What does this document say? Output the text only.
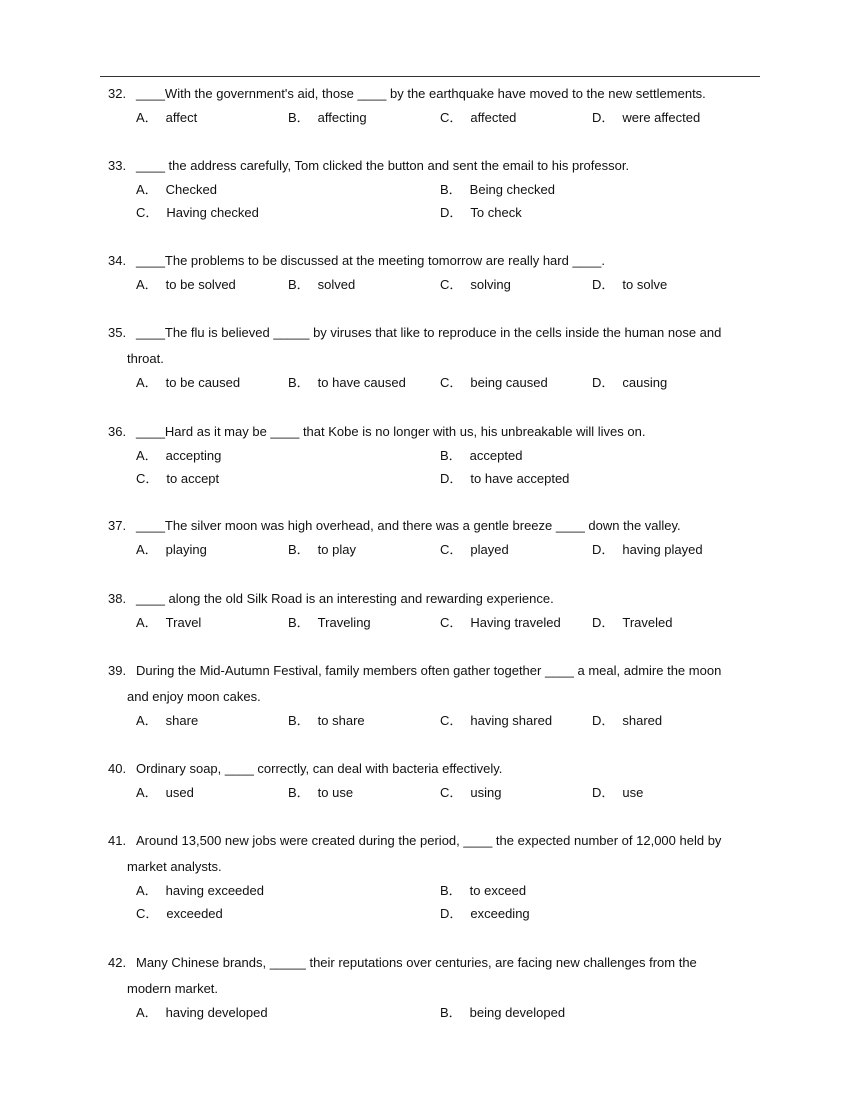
32. ____With the government's aid, those ____ by the earthquake have moved to the new settlements.
A． affect	B． affecting	C． affected	D． were affected
33. ____ the address carefully, Tom clicked the button and sent the email to his professor.
A． Checked	B． Being checked
C． Having checked	D． To check
34. ____The problems to be discussed at the meeting tomorrow are really hard ____.
A． to be solved	B． solved	C． solving	D． to solve
35. ____The flu is believed _____ by viruses that like to reproduce in the cells inside the human nose and
throat.
A． to be caused	B． to have caused	C． being caused	D． causing
36. ____Hard as it may be ____ that Kobe is no longer with us, his unbreakable will lives on.
A． accepting	B． accepted
C． to accept	D． to have accepted
37. ____The silver moon was high overhead, and there was a gentle breeze ____ down the valley.
A． playing	B． to play	C． played	D． having played
38. ____ along the old Silk Road is an interesting and rewarding experience.
A． Travel	B． Traveling	C． Having traveled D． Traveled
39. During the Mid-Autumn Festival, family members often gather together ____ a meal, admire the moon
and enjoy moon cakes.
A． share	B． to share	C． having shared	D． shared
40. Ordinary soap, ____ correctly, can deal with bacteria effectively.
A． used	B． to use	C． using	D． use
41. Around 13,500 new jobs were created during the period, ____ the expected number of 12,000 held by
market analysts.
A． having exceeded	B． to exceed
C． exceeded	D． exceeding
42. Many Chinese brands, _____ their reputations over centuries, are facing new challenges from the
modern market.
A． having developed	B． being developed
